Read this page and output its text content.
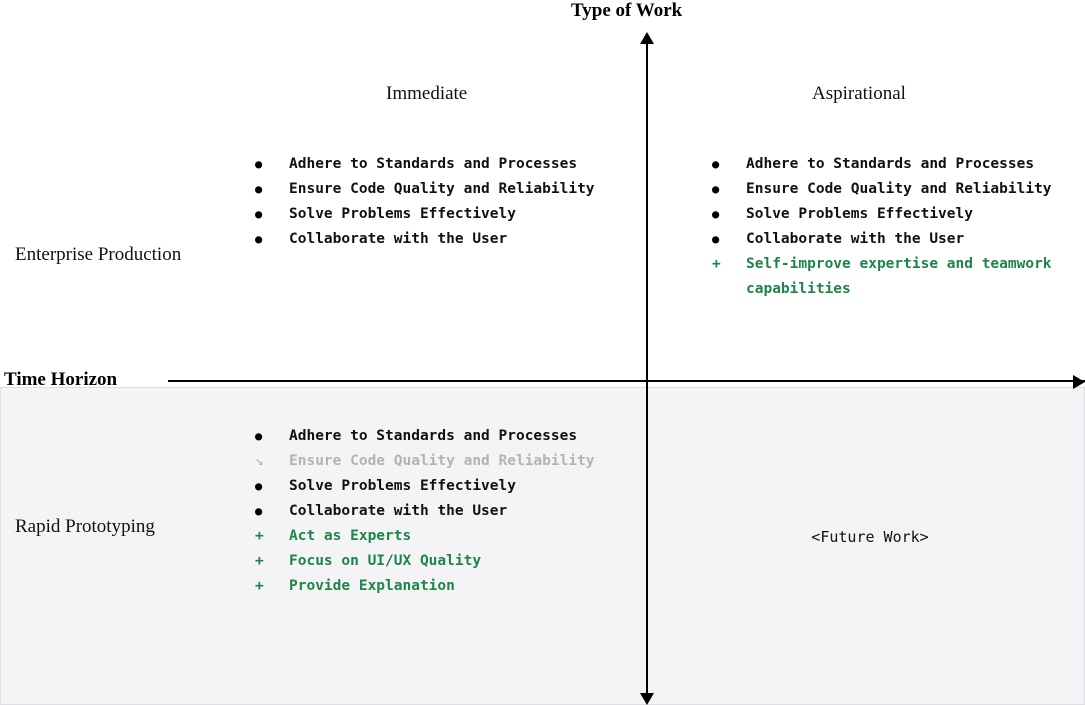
Type of Work
Time Horizon
Immediate	Aspirational
Enterprise Production
Rapid Prototyping
●	Adhere to Standards and Processes
●	Ensure Code Quality and Reliability
●	Solve Problems Effectively
●	Collaborate with the User
●	Adhere to Standards and Processes
●	Ensure Code Quality and Reliability
●	Solve Problems Effectively
●	Collaborate with the User
+	Self-improve expertise and teamwork capabilities
●	Adhere to Standards and Processes
↘	Ensure Code Quality and Reliability
●	Solve Problems Effectively
●	Collaborate with the User
+	Act as Experts
+	Focus on UI/UX Quality
+	Provide Explanation
<Future Work>
